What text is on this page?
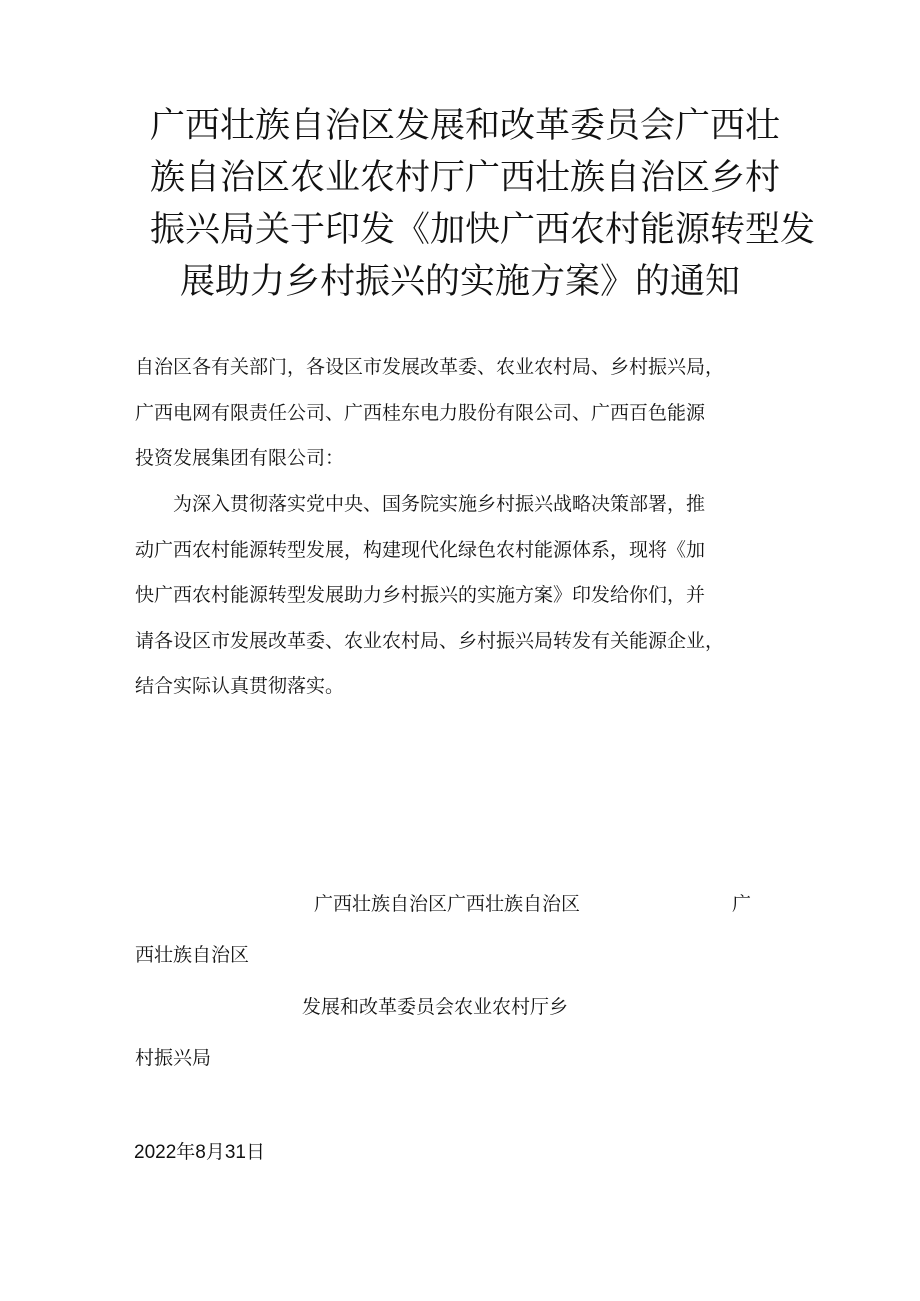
广西壮族自治区发展和改革委员会广西壮
族自治区农业农村厅广西壮族自治区乡村
振兴局关于印发《加快广西农村能源转型发
展助力乡村振兴的实施方案》的通知
自治区各有关部门，各设区市发展改革委、农业农村局、乡村振兴局，
广西电网有限责任公司、广西桂东电力股份有限公司、广西百色能源
投资发展集团有限公司：
　　为深入贯彻落实党中央、国务院实施乡村振兴战略决策部署，推
动广西农村能源转型发展，构建现代化绿色农村能源体系，现将《加
快广西农村能源转型发展助力乡村振兴的实施方案》印发给你们，并
请各设区市发展改革委、农业农村局、乡村振兴局转发有关能源企业，
结合实际认真贯彻落实。
广西壮族自治区广西壮族自治区	广
西壮族自治区
发展和改革委员会农业农村厅乡
村振兴局
2022年8月31日
